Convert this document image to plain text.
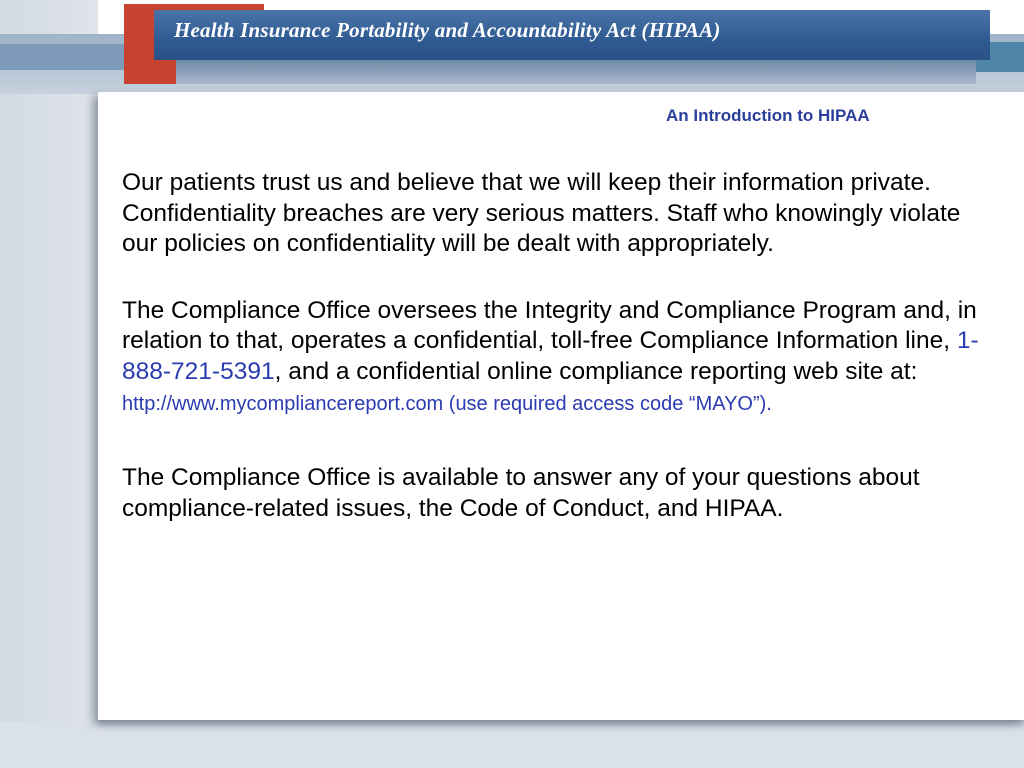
Health Insurance Portability and Accountability Act (HIPAA)
An Introduction to HIPAA

Our patients trust us and believe that we will keep their information private. Confidentiality breaches are very serious matters. Staff who knowingly violate our policies on confidentiality will be dealt with appropriately.

The Compliance Office oversees the Integrity and Compliance Program and, in relation to that, operates a confidential, toll-free Compliance Information line, 1-888-721-5391, and a confidential online compliance reporting web site at:

http://www.mycompliancereport.com (use required access code “MAYO”).

The Compliance Office is available to answer any of your questions about compliance-related issues, the Code of Conduct, and HIPAA.
